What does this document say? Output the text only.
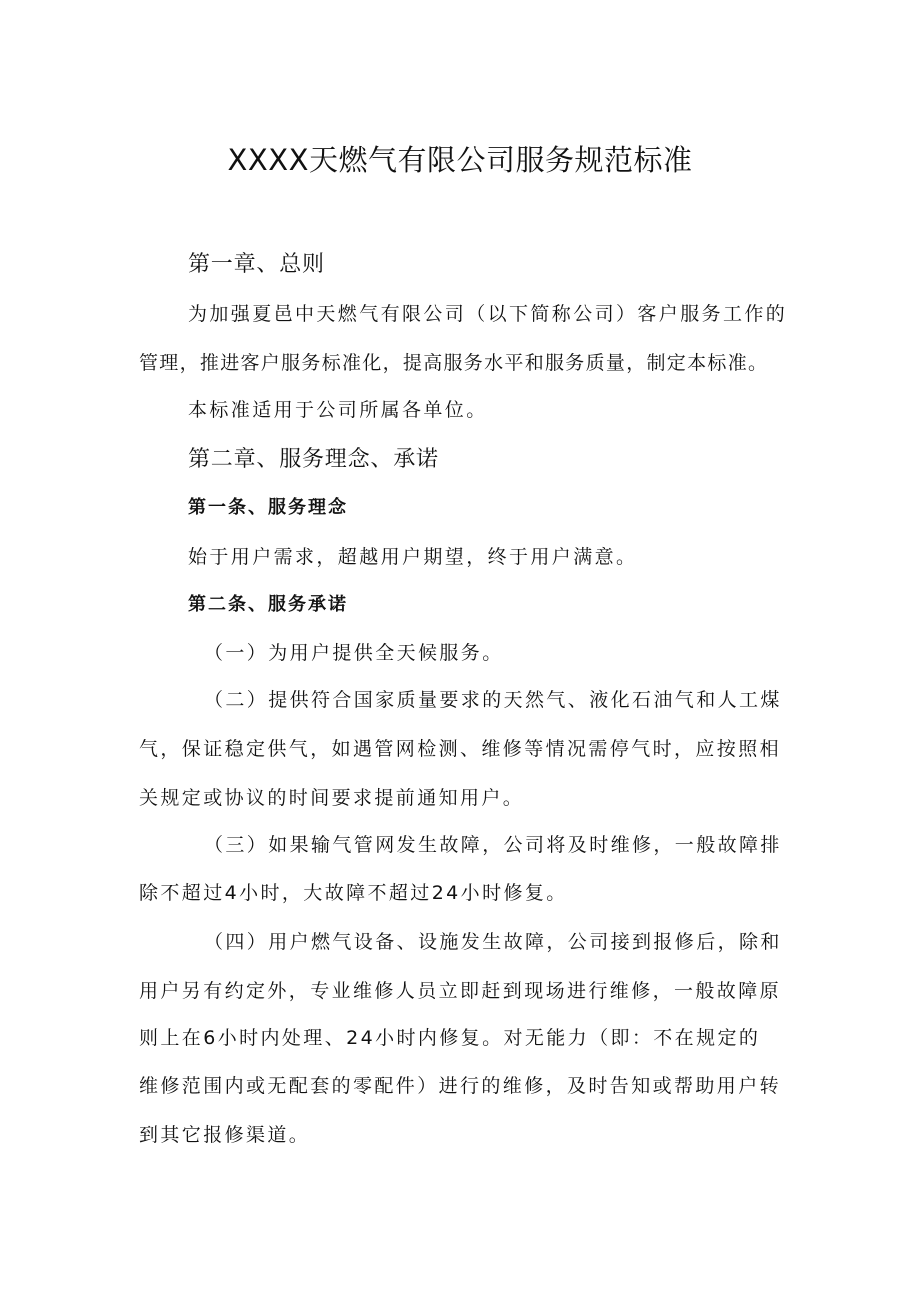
XXXX天燃气有限公司服务规范标准
第一章、总则
为加强夏邑中天燃气有限公司（以下简称公司）客户服务工作的
管理，推进客户服务标准化，提高服务水平和服务质量，制定本标准。
本标准适用于公司所属各单位。
第二章、服务理念、承诺
第一条、服务理念
始于用户需求，超越用户期望，终于用户满意。
第二条、服务承诺
（一）为用户提供全天候服务。
（二）提供符合国家质量要求的天然气、液化石油气和人工煤
气，保证稳定供气，如遇管网检测、维修等情况需停气时，应按照相
关规定或协议的时间要求提前通知用户。
（三）如果输气管网发生故障，公司将及时维修，一般故障排
除不超过4小时，大故障不超过24小时修复。
（四）用户燃气设备、设施发生故障，公司接到报修后，除和
用户另有约定外，专业维修人员立即赶到现场进行维修，一般故障原
则上在6小时内处理、24小时内修复。对无能力（即：不在规定的
维修范围内或无配套的零配件）进行的维修，及时告知或帮助用户转
到其它报修渠道。
